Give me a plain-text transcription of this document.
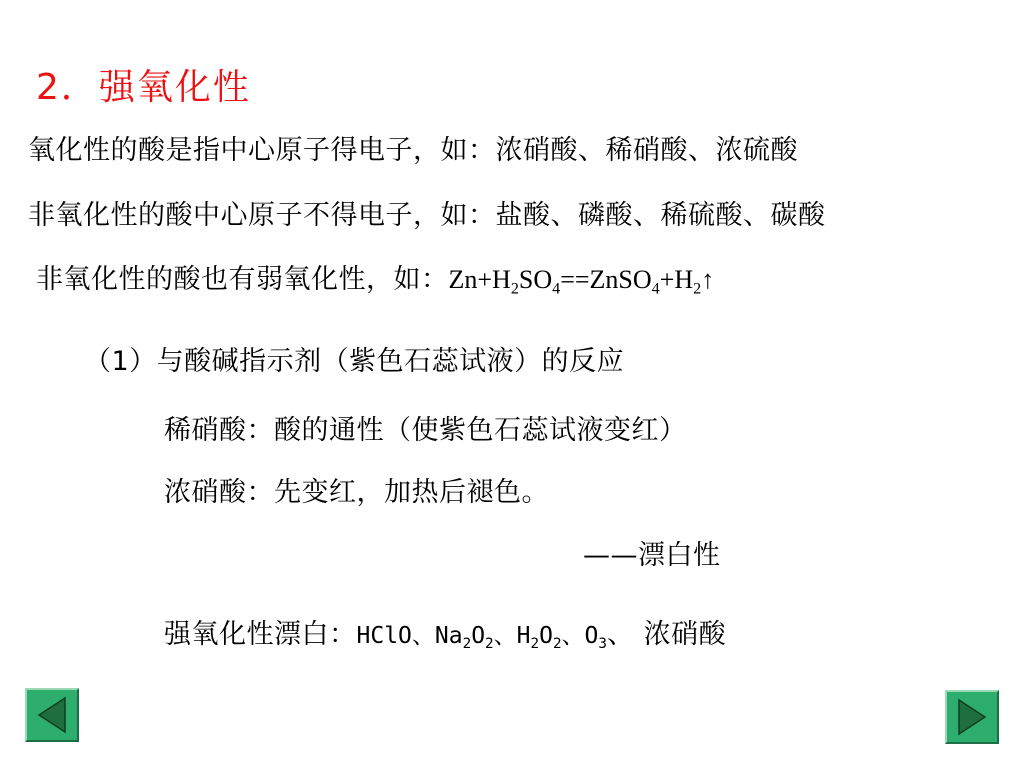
2．强氧化性
氧化性的酸是指中心原子得电子，如：浓硝酸、稀硝酸、浓硫酸
非氧化性的酸中心原子不得电子，如：盐酸、磷酸、稀硫酸、碳酸
非氧化性的酸也有弱氧化性，如：$Zn+H_2SO_4==ZnSO_4+H_2↑$
（1）与酸碱指示剂（紫色石蕊试液）的反应
稀硝酸：酸的通性（使紫色石蕊试液变红）
浓硝酸：先变红，加热后褪色。
——漂白性
强氧化性漂白：HClO、$Na_2O_2$、$H_2O_2$、$O_3$、 浓硝酸
